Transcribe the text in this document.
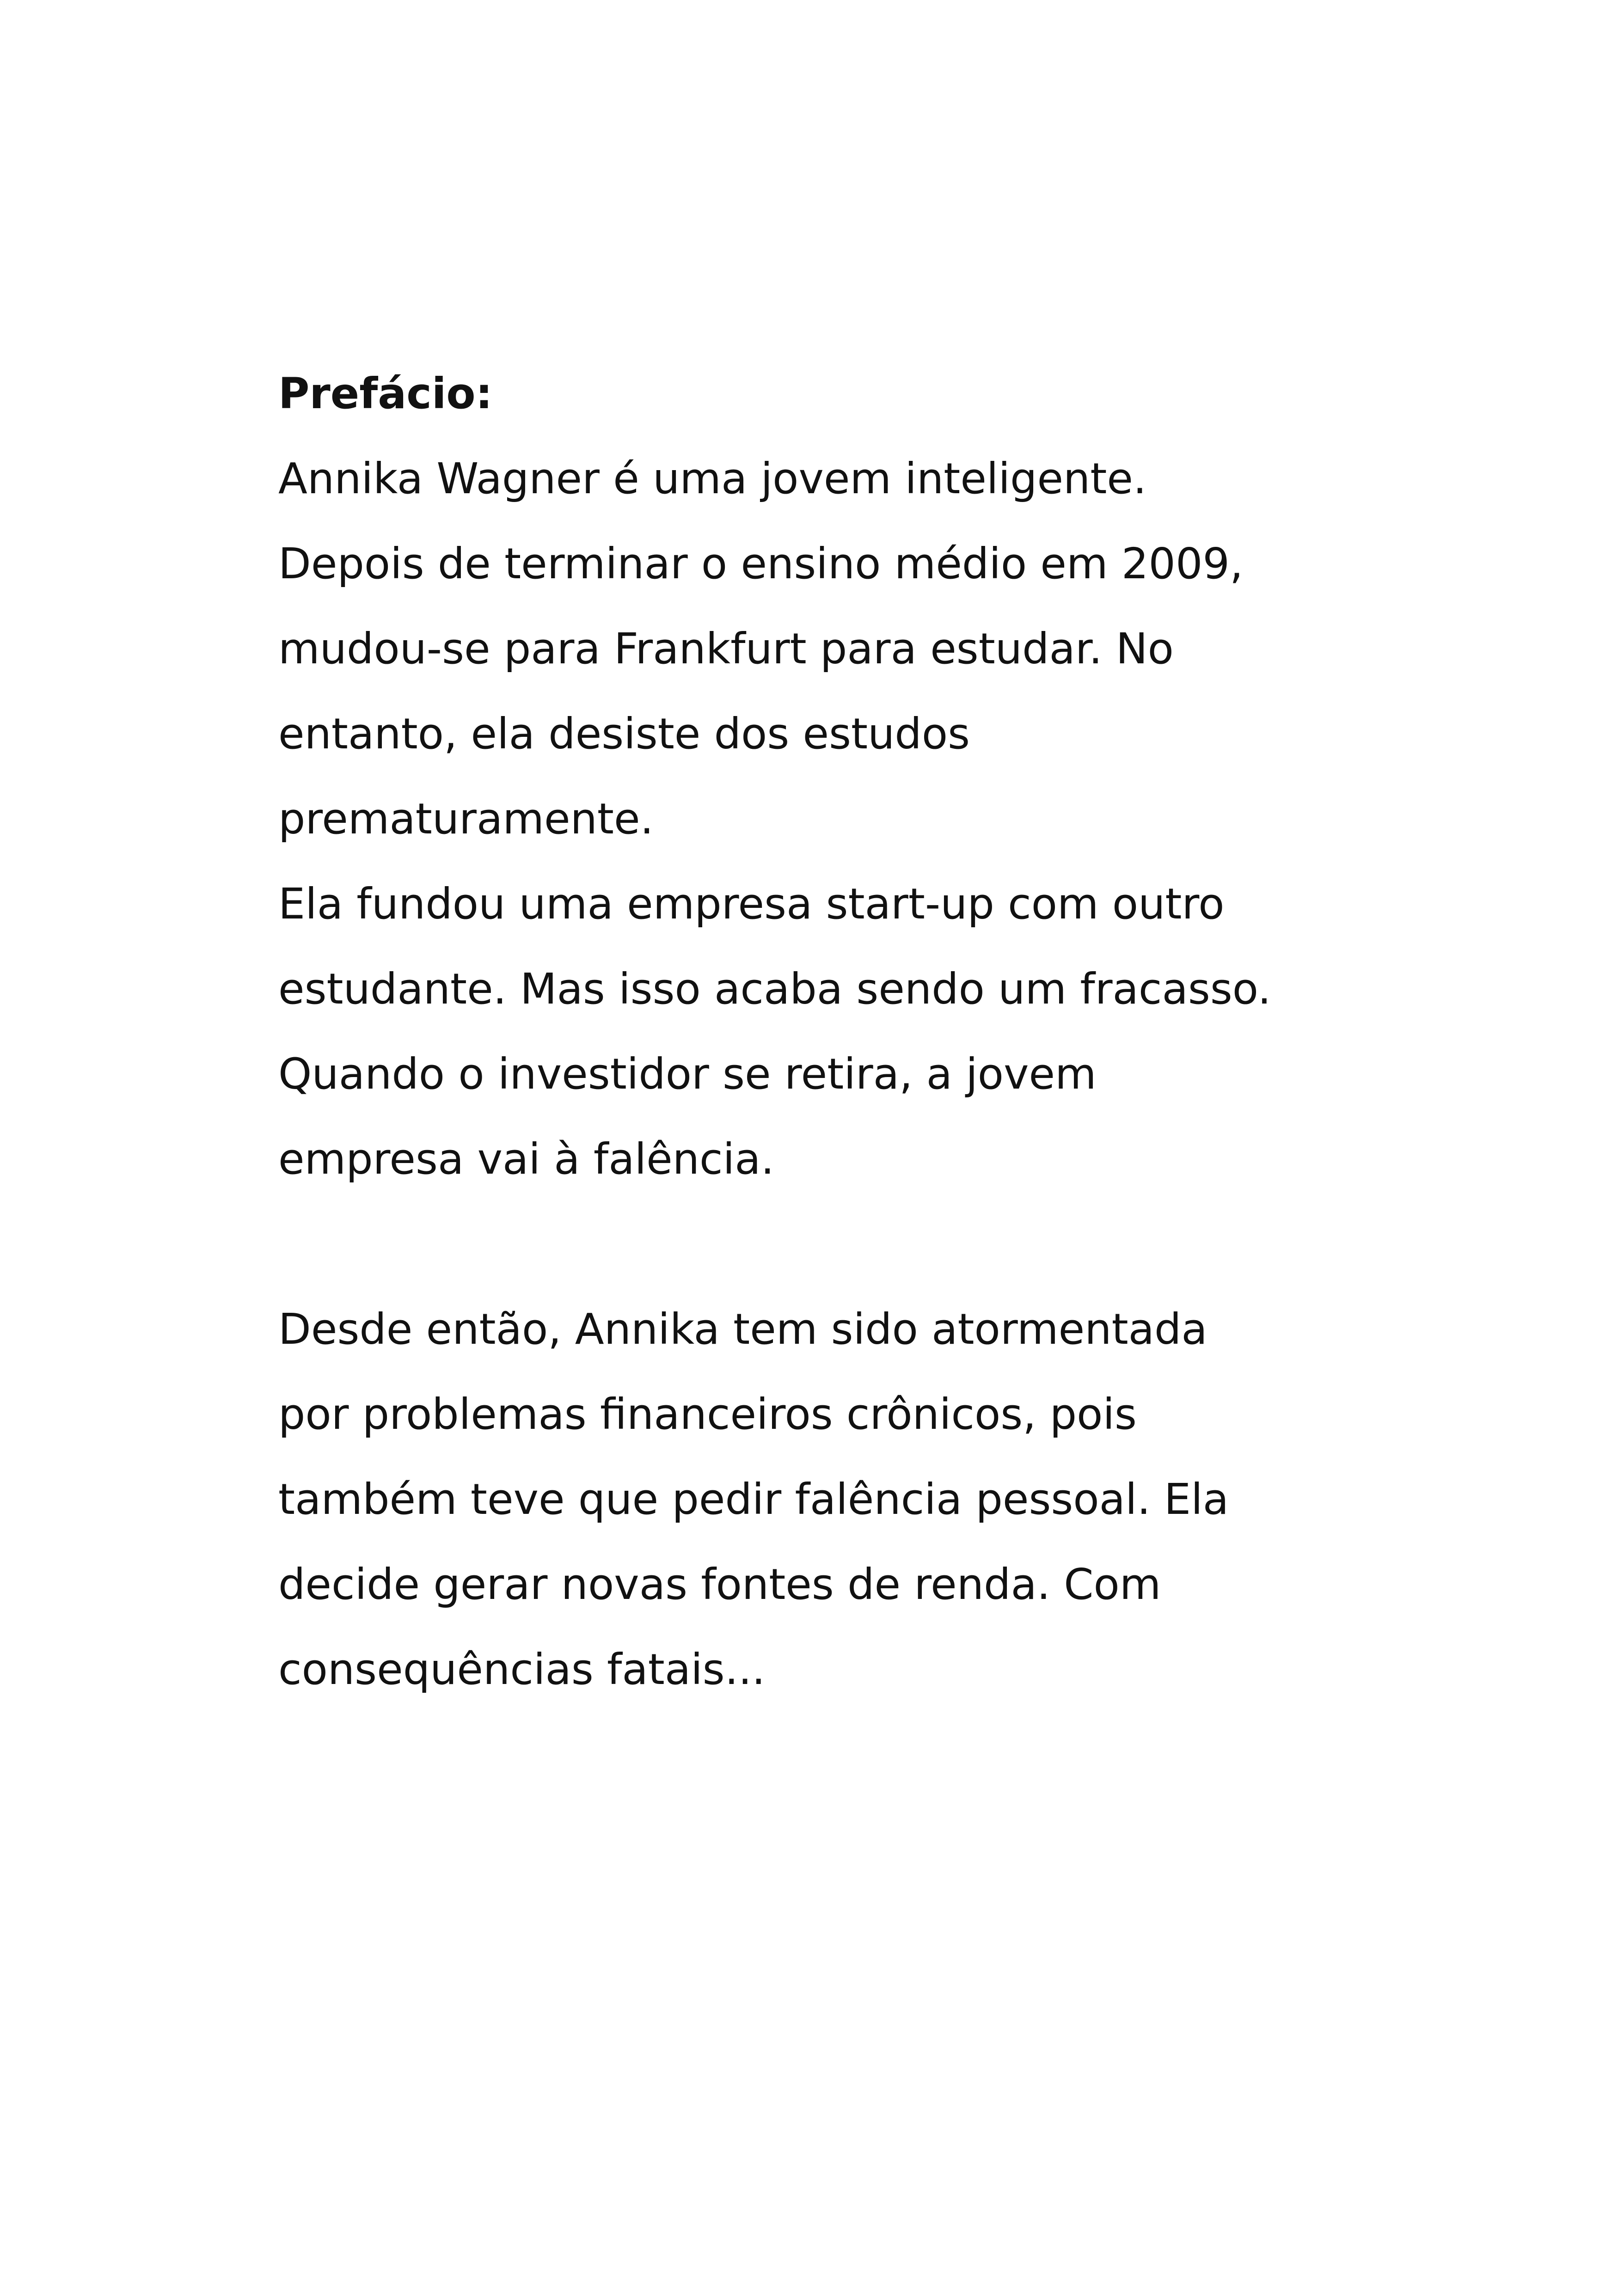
Prefácio:
Annika Wagner é uma jovem inteligente.
Depois de terminar o ensino médio em 2009,
mudou-se para Frankfurt para estudar. No
entanto, ela desiste dos estudos
prematuramente.
Ela fundou uma empresa start-up com outro
estudante. Mas isso acaba sendo um fracasso.
Quando o investidor se retira, a jovem
empresa vai à falência.
Desde então, Annika tem sido atormentada
por problemas financeiros crônicos, pois
também teve que pedir falência pessoal. Ela
decide gerar novas fontes de renda. Com
consequências fatais...
